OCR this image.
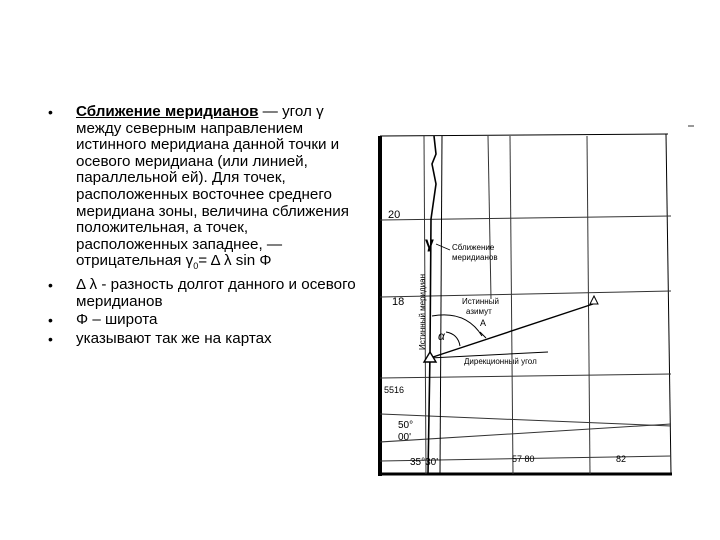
• Сближение меридианов — угол γ между северным направлением истинного меридиана данной точки и осевого меридиана (или линией, параллельной ей). Для точек, расположенных восточнее среднего меридиана зоны, величина сближения положительная, а точек, расположенных западнее, — отрицательная $\gamma_0= \Delta$ λ sin Φ
• Δ λ - разность долгот данного и осевого меридианов
• Φ – широта
• указывают так же на картах
20
18
5516
50°
00'
35°30'	57 80	82
Истинный меридиан
γ Сближение
меридианов
Истинный
азимут
A
α
Дирекционный угол
